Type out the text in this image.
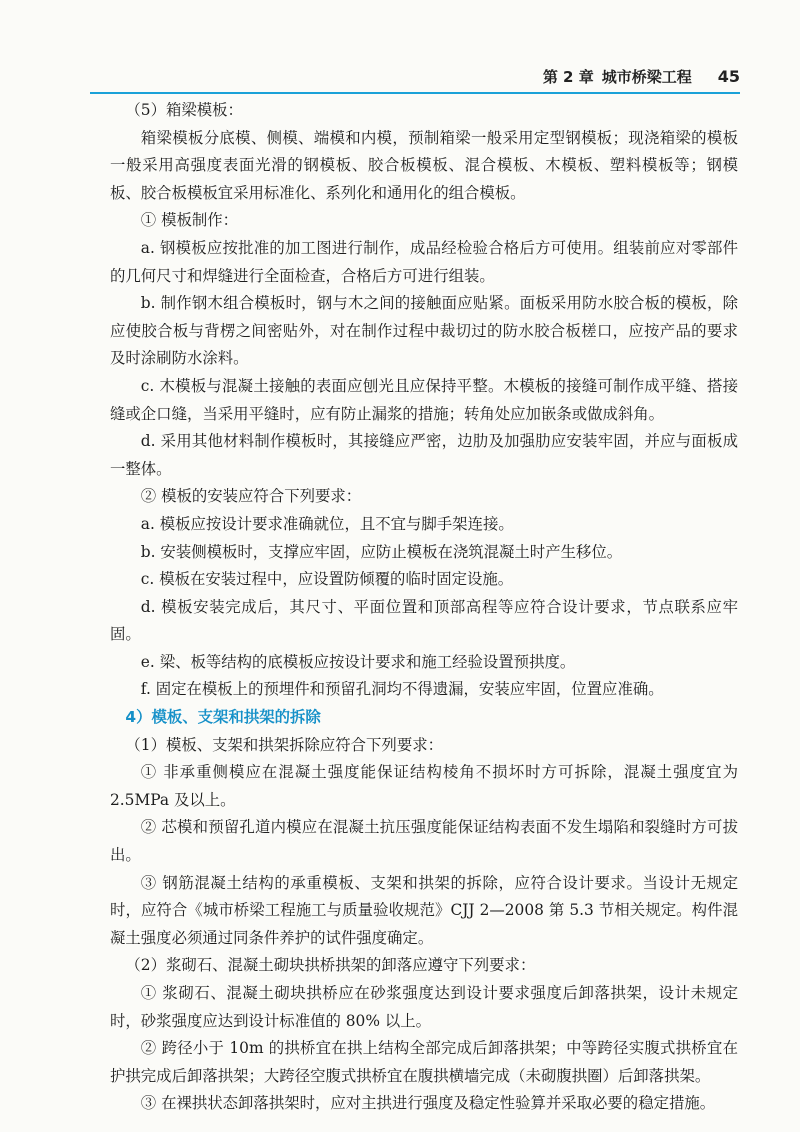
第 2 章 城市桥梁工程 45

（5）箱梁模板：

箱梁模板分底模、侧模、端模和内模，预制箱梁一般采用定型钢模板；现浇箱梁的模板一般采用高强度表面光滑的钢模板、胶合板模板、混合模板、木模板、塑料模板等；钢模板、胶合板模板宜采用标准化、系列化和通用化的组合模板。

① 模板制作：

a. 钢模板应按批准的加工图进行制作，成品经检验合格后方可使用。组装前应对零部件的几何尺寸和焊缝进行全面检查，合格后方可进行组装。

b. 制作钢木组合模板时，钢与木之间的接触面应贴紧。面板采用防水胶合板的模板，除应使胶合板与背楞之间密贴外，对在制作过程中裁切过的防水胶合板槎口，应按产品的要求及时涂刷防水涂料。

c. 木模板与混凝土接触的表面应刨光且应保持平整。木模板的接缝可制作成平缝、搭接缝或企口缝，当采用平缝时，应有防止漏浆的措施；转角处应加嵌条或做成斜角。

d. 采用其他材料制作模板时，其接缝应严密，边肋及加强肋应安装牢固，并应与面板成一整体。

② 模板的安装应符合下列要求：

a. 模板应按设计要求准确就位，且不宜与脚手架连接。

b. 安装侧模板时，支撑应牢固，应防止模板在浇筑混凝土时产生移位。

c. 模板在安装过程中，应设置防倾覆的临时固定设施。

d. 模板安装完成后，其尺寸、平面位置和顶部高程等应符合设计要求，节点联系应牢固。

e. 梁、板等结构的底模板应按设计要求和施工经验设置预拱度。

f. 固定在模板上的预埋件和预留孔洞均不得遗漏，安装应牢固，位置应准确。

4）模板、支架和拱架的拆除

（1）模板、支架和拱架拆除应符合下列要求：

① 非承重侧模应在混凝土强度能保证结构棱角不损坏时方可拆除，混凝土强度宜为 2.5MPa 及以上。

② 芯模和预留孔道内模应在混凝土抗压强度能保证结构表面不发生塌陷和裂缝时方可拔出。

③ 钢筋混凝土结构的承重模板、支架和拱架的拆除，应符合设计要求。当设计无规定时，应符合《城市桥梁工程施工与质量验收规范》CJJ 2—2008 第 5.3 节相关规定。构件混凝土强度必须通过同条件养护的试件强度确定。

（2）浆砌石、混凝土砌块拱桥拱架的卸落应遵守下列要求：

① 浆砌石、混凝土砌块拱桥应在砂浆强度达到设计要求强度后卸落拱架，设计未规定时，砂浆强度应达到设计标准值的 80% 以上。

② 跨径小于 10m 的拱桥宜在拱上结构全部完成后卸落拱架；中等跨径实腹式拱桥宜在护拱完成后卸落拱架；大跨径空腹式拱桥宜在腹拱横墙完成（未砌腹拱圈）后卸落拱架。

③ 在裸拱状态卸落拱架时，应对主拱进行强度及稳定性验算并采取必要的稳定措施。
